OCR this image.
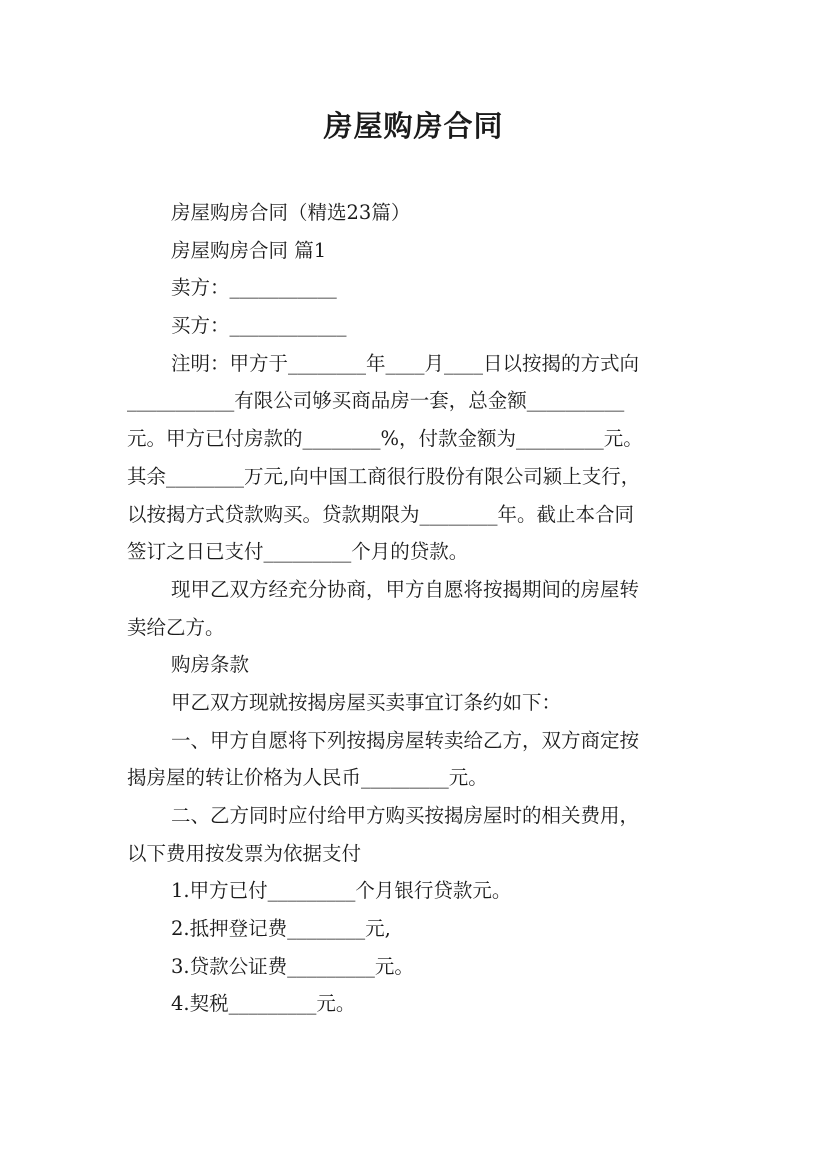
房屋购房合同
房屋购房合同（精选23篇）
房屋购房合同 篇1
卖方：___________
买方：____________
注明：甲方于________年____月____日以按揭的方式向
___________有限公司够买商品房一套，总金额__________
元。甲方已付房款的________%，付款金额为_________元。
其余________万元,向中国工商很行股份有限公司颍上支行，
以按揭方式贷款购买。贷款期限为________年。截止本合同
签订之日已支付_________个月的贷款。
现甲乙双方经充分协商，甲方自愿将按揭期间的房屋转
卖给乙方。
购房条款
甲乙双方现就按揭房屋买卖事宜订条约如下：
一、甲方自愿将下列按揭房屋转卖给乙方，双方商定按
揭房屋的转让价格为人民币_________元。
二、乙方同时应付给甲方购买按揭房屋时的相关费用，
以下费用按发票为依据支付
1.甲方已付_________个月银行贷款元。
2.抵押登记费________元,
3.贷款公证费_________元。
4.契税_________元。
